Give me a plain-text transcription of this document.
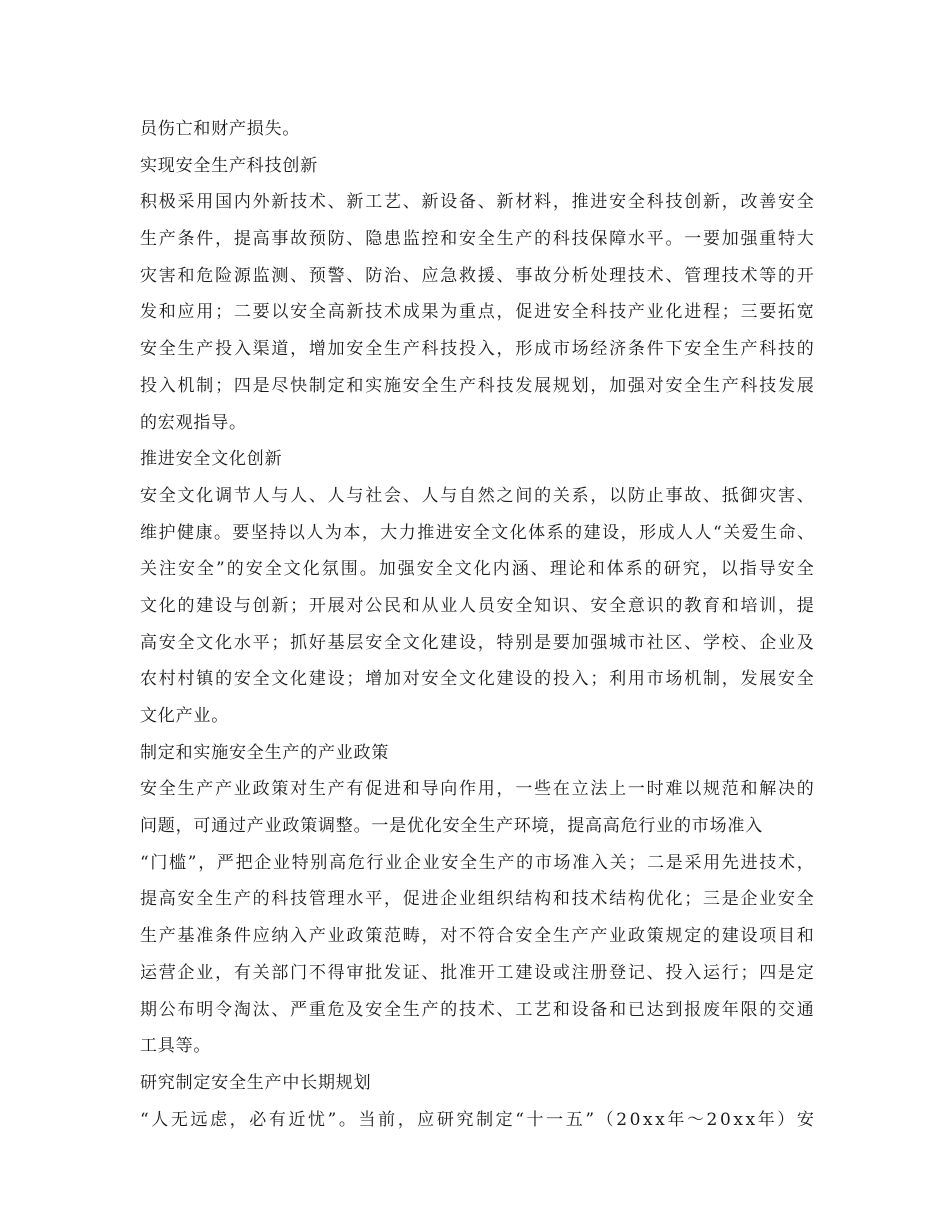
员伤亡和财产损失。
实现安全生产科技创新
积 极 采 用 国 内 外 新 技 术 、 新 工 艺 、 新 设 备 、 新 材 料 ， 推 进 安 全 科 技 创 新 ， 改 善 安 全
生 产 条 件 ， 提 高 事 故 预 防 、 隐 患 监 控 和 安 全 生 产 的 科 技 保 障 水 平 。 一 要 加 强 重 特 大
灾 害 和 危 险 源 监 测 、 预 警 、 防 治 、 应 急 救 援 、 事 故 分 析 处 理 技 术 、 管 理 技 术 等 的 开
发 和 应 用 ； 二 要 以 安 全 高 新 技 术 成 果 为 重 点 ， 促 进 安 全 科 技 产 业 化 进 程 ； 三 要 拓 宽
安 全 生 产 投 入 渠 道 ， 增 加 安 全 生 产 科 技 投 入 ， 形 成 市 场 经 济 条 件 下 安 全 生 产 科 技 的
投 入 机 制 ； 四 是 尽 快 制 定 和 实 施 安 全 生 产 科 技 发 展 规 划 ， 加 强 对 安 全 生 产 科 技 发 展
的宏观指导。
推进安全文化创新
安 全 文 化 调 节 人 与 人 、 人 与 社 会 、 人 与 自 然 之 间 的 关 系 ， 以 防 止 事 故 、 抵 御 灾 害 、
维 护 健 康 。 要 坚 持 以 人 为 本 ， 大 力 推 进 安 全 文 化 体 系 的 建 设 ， 形 成 人 人 “ 关 爱 生 命 、
关 注 安 全 ” 的 安 全 文 化 氛 围 。 加 强 安 全 文 化 内 涵 、 理 论 和 体 系 的 研 究 ， 以 指 导 安 全
文 化 的 建 设 与 创 新 ； 开 展 对 公 民 和 从 业 人 员 安 全 知 识 、 安 全 意 识 的 教 育 和 培 训 ， 提
高 安 全 文 化 水 平 ； 抓 好 基 层 安 全 文 化 建 设 ， 特 别 是 要 加 强 城 市 社 区 、 学 校 、 企 业 及
农 村 村 镇 的 安 全 文 化 建 设 ； 增 加 对 安 全 文 化 建 设 的 投 入 ； 利 用 市 场 机 制 ， 发 展 安 全
文化产业。
制定和实施安全生产的产业政策
安 全 生 产 产 业 政 策 对 生 产 有 促 进 和 导 向 作 用 ， 一 些 在 立 法 上 一 时 难 以 规 范 和 解 决 的
问题，可通过产业政策调整。一是优化安全生产环境，提高高危行业的市场准入
“ 门 槛 ” ， 严 把 企 业 特 别 高 危 行 业 企 业 安 全 生 产 的 市 场 准 入 关 ； 二 是 采 用 先 进 技 术 ，
提 高 安 全 生 产 的 科 技 管 理 水 平 ， 促 进 企 业 组 织 结 构 和 技 术 结 构 优 化 ； 三 是 企 业 安 全
生 产 基 准 条 件 应 纳 入 产 业 政 策 范 畴 ， 对 不 符 合 安 全 生 产 产 业 政 策 规 定 的 建 设 项 目 和
运 营 企 业 ， 有 关 部 门 不 得 审 批 发 证 、 批 准 开 工 建 设 或 注 册 登 记 、 投 入 运 行 ； 四 是 定
期 公 布 明 令 淘 汰 、 严 重 危 及 安 全 生 产 的 技 术 、 工 艺 和 设 备 和 已 达 到 报 废 年 限 的 交 通
工具等。
研究制定安全生产中长期规划
“ 人 无 远 虑 ， 必 有 近 忧 ” 。 当 前 ， 应 研 究 制 定 “ 十 一 五 ” （ 2 0 x x 年 ～ 2 0 x x 年 ） 安
